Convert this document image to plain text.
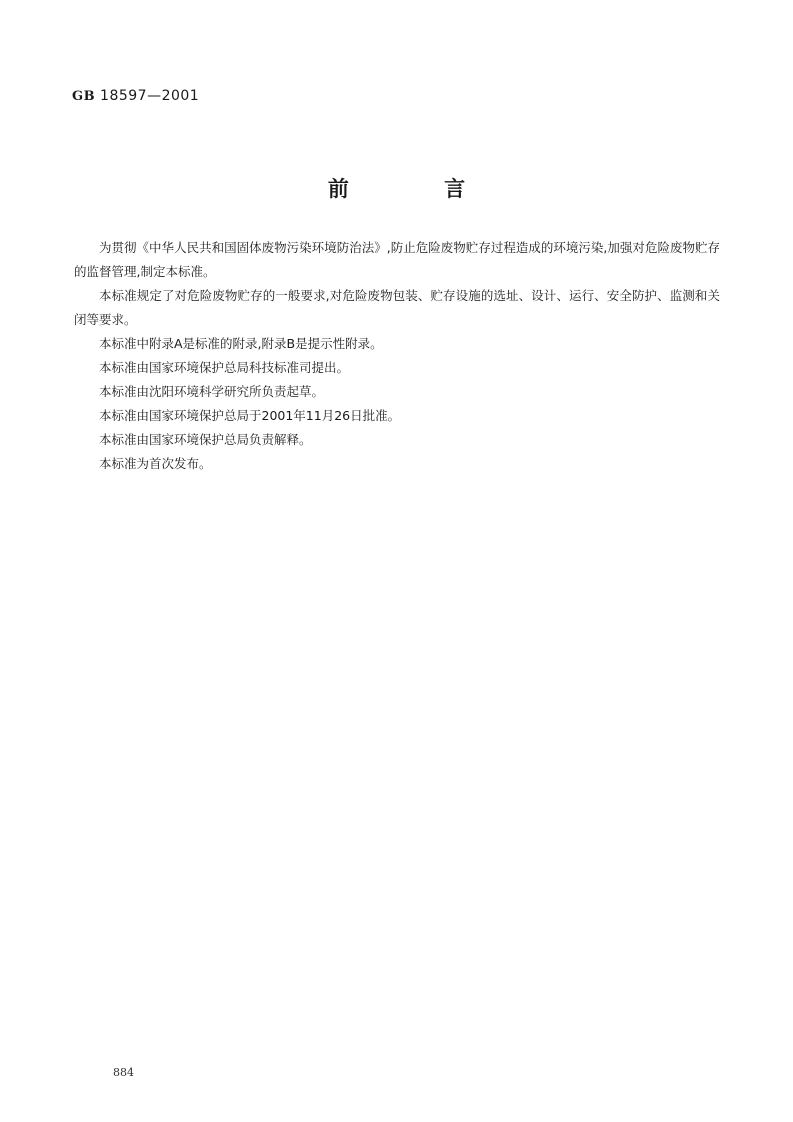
GB 18597—2001
前 言

为贯彻《中华人民共和国固体废物污染环境防治法》,防止危险废物贮存过程造成的环境污染,加强对危险废物贮存的监督管理,制定本标准。

本标准规定了对危险废物贮存的一般要求,对危险废物包装、贮存设施的选址、设计、运行、安全防护、监测和关闭等要求。

本标准中附录A是标准的附录,附录B是提示性附录。

本标准由国家环境保护总局科技标准司提出。

本标准由沈阳环境科学研究所负责起草。

本标准由国家环境保护总局于2001年11月26日批准。

本标准由国家环境保护总局负责解释。

本标准为首次发布。

884
